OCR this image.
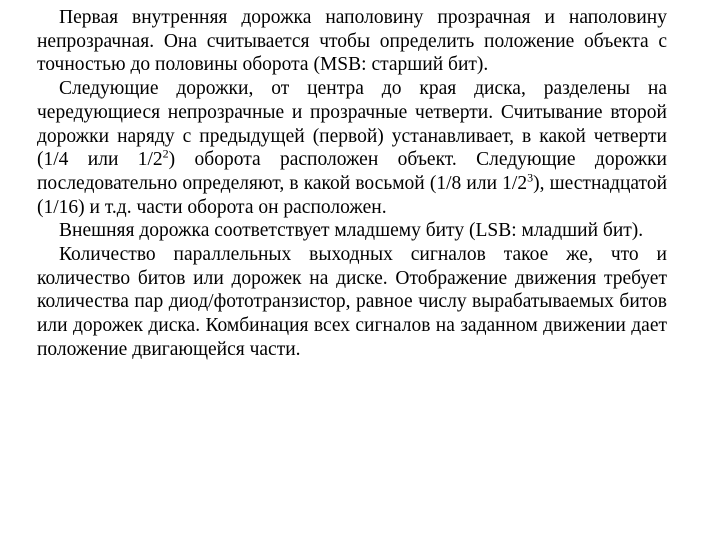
Первая внутренняя дорожка наполовину прозрачная и наполовину непрозрачная. Она считывается чтобы определить положение объекта с точностью до половины оборота (MSB: старший бит).

Следующие дорожки, от центра до края диска, разделены на чередующиеся непрозрачные и прозрачные четверти. Считывание второй дорожки наряду с предыдущей (первой) устанавливает, в какой четверти (1/4 или $1/2^2$) оборота расположен объект. Следующие дорожки последовательно определяют, в какой восьмой (1/8 или $1/2^3$), шестнадцатой (1/16) и т.д. части оборота он расположен.

Внешняя дорожка соответствует младшему биту (LSB: младший бит).

Количество параллельных выходных сигналов такое же, что и количество битов или дорожек на диске. Отображение движения требует количества пар диод/фототранзистор, равное числу вырабатываемых битов или дорожек диска. Комбинация всех сигналов на заданном движении дает положение двигающейся части.
